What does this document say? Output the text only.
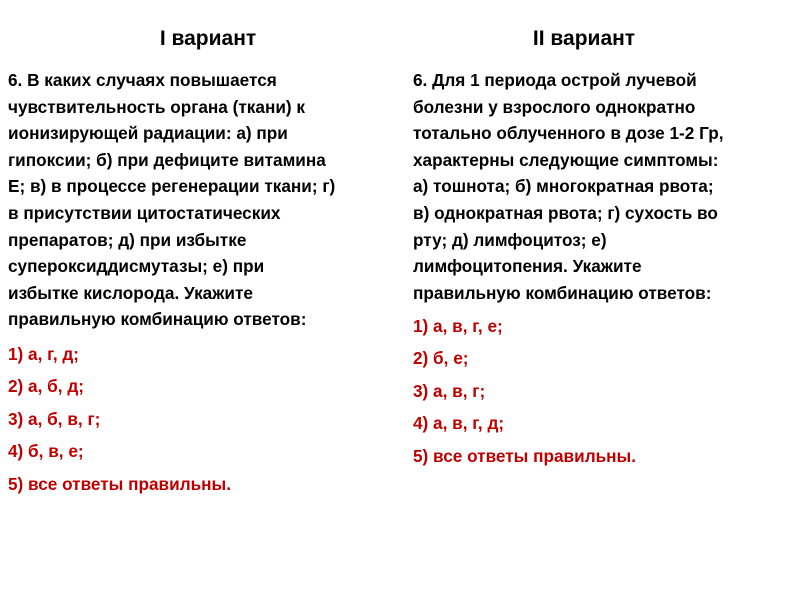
I вариант

6. В каких случаях повышается
чувствительность органа (ткани) к
ионизирующей радиации: а) при
гипоксии; б) при дефиците витамина
Е; в) в процессе регенерации ткани; г)
в присутствии цитостатических
препаратов; д) при избытке
супероксиддисмутазы; е) при
избытке кислорода. Укажите
правильную комбинацию ответов:

1) а, г, д;
2) а, б, д;
3) а, б, в, г;
4) б, в, е;
5) все ответы правильны.
II вариант

6. Для 1 периода острой лучевой
болезни у взрослого однократно
тотально облученного в дозе 1-2 Гр,
характерны следующие симптомы:
а) тошнота; б) многократная рвота;
в) однократная рвота; г) сухость во
рту; д) лимфоцитоз; е)
лимфоцитопения. Укажите
правильную комбинацию ответов:

1) а, в, г, е;
2) б, е;
3) а, в, г;
4) а, в, г, д;
5) все ответы правильны.
